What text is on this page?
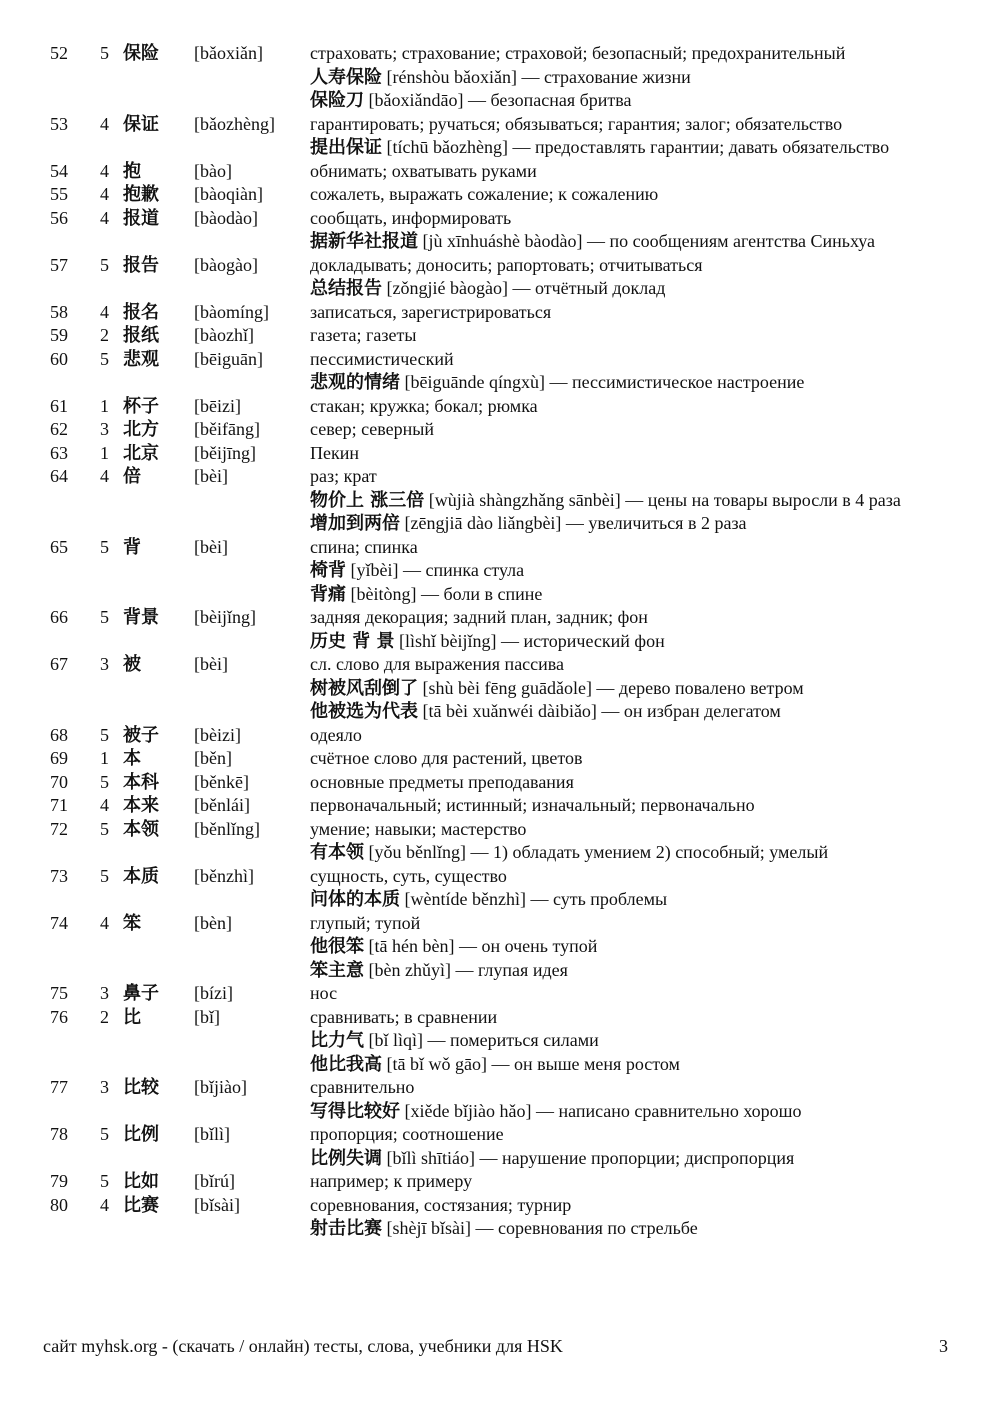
52	5 保险	[bǎoxiǎn]	страховать; страхование; страховой; безопасный; предохранительный
人寿保险 [rénshòu bǎoxiǎn] — страхование жизни
保险刀 [bǎoxiǎndāo] — безопасная бритва
53	4 保证	[bǎozhèng]	гарантировать; ручаться; обязываться; гарантия; залог; обязательство
提出保证 [tíchū bǎozhèng] — предоставлять гарантии; давать обязательство
54	4 抱	[bào]	обнимать; охватывать руками
55	4 抱歉	[bàoqiàn]	сожалеть, выражать сожаление; к сожалению
56	4 报道	[bàodào]	сообщать, информировать
据新华社报道 [jù xīnhuáshè bàodào] — по сообщениям агентства Синьхуа
57	5 报告	[bàogào]	докладывать; доносить; рапортовать; отчитываться
总结报告 [zǒngjié bàogào] — отчётный доклад
58	4 报名	[bàomíng]	записаться, зарегистрироваться
59	2 报纸	[bàozhǐ]	газета; газеты
60	5 悲观	[bēiguān]	пессимистический
悲观的情绪 [bēiguānde qíngxù] — пессимистическое настроение
61	1 杯子	[bēizi]	стакан; кружка; бокал; рюмка
62	3 北方	[běifāng]	север; северный
63	1 北京	[běijīng]	Пекин
64	4 倍	[bèi]	раз; крат
物价上 涨三倍 [wùjià shàngzhǎng sānbèi] — цены на товары выросли в 4 раза
增加到两倍 [zēngjiā dào liǎngbèi] — увеличиться в 2 раза
65	5 背	[bèi]	спина; спинка
椅背 [yǐbèi] — спинка стула
背痛 [bèitòng] — боли в спине
66	5 背景	[bèijǐng]	задняя декорация; задний план, задник; фон
历史 背 景 [lìshǐ bèijǐng] — исторический фон
67	3 被	[bèi]	сл. слово для выражения пассива
树被风刮倒了 [shù bèi fēng guādǎole] — дерево повалено ветром
他被选为代表 [tā bèi xuǎnwéi dàibiǎo] — он избран делегатом
68	5 被子	[bèizi]	одеяло
69	1 本	[běn]	счётное слово для растений, цветов
70	5 本科	[běnkē]	основные предметы преподавания
71	4 本来	[běnlái]	первоначальный; истинный; изначальный; первоначально
72	5 本领	[běnlǐng]	умение; навыки; мастерство
有本领 [yǒu běnlǐng] — 1) обладать умением 2) способный; умелый
73	5 本质	[běnzhì]	сущность, суть, существо
问体的本质 [wèntíde běnzhì] — суть проблемы
74	4 笨	[bèn]	глупый; тупой
他很笨 [tā hén bèn] — он очень тупой
笨主意 [bèn zhǔyì] — глупая идея
75	3 鼻子	[bízi]	нос
76	2 比	[bǐ]	сравнивать; в сравнении
比力气 [bǐ lìqì] — помериться силами
他比我高 [tā bǐ wǒ gāo] — он выше меня ростом
77	3 比较	[bǐjiào]	сравнительно
写得比较好 [xiěde bǐjiào hǎo] — написано сравнительно хорошо
78	5 比例	[bǐlì]	пропорция; соотношение
比例失调 [bǐlì shītiáo] — нарушение пропорции; диспропорция
79	5 比如	[bǐrú]	например; к примеру
80	4 比赛	[bǐsài]	соревнования, состязания; турнир
射击比赛 [shèjī bǐsài] — соревнования по стрельбе
сайт myhsk.org - (скачать / онлайн) тесты, слова, учебники для HSK	3
